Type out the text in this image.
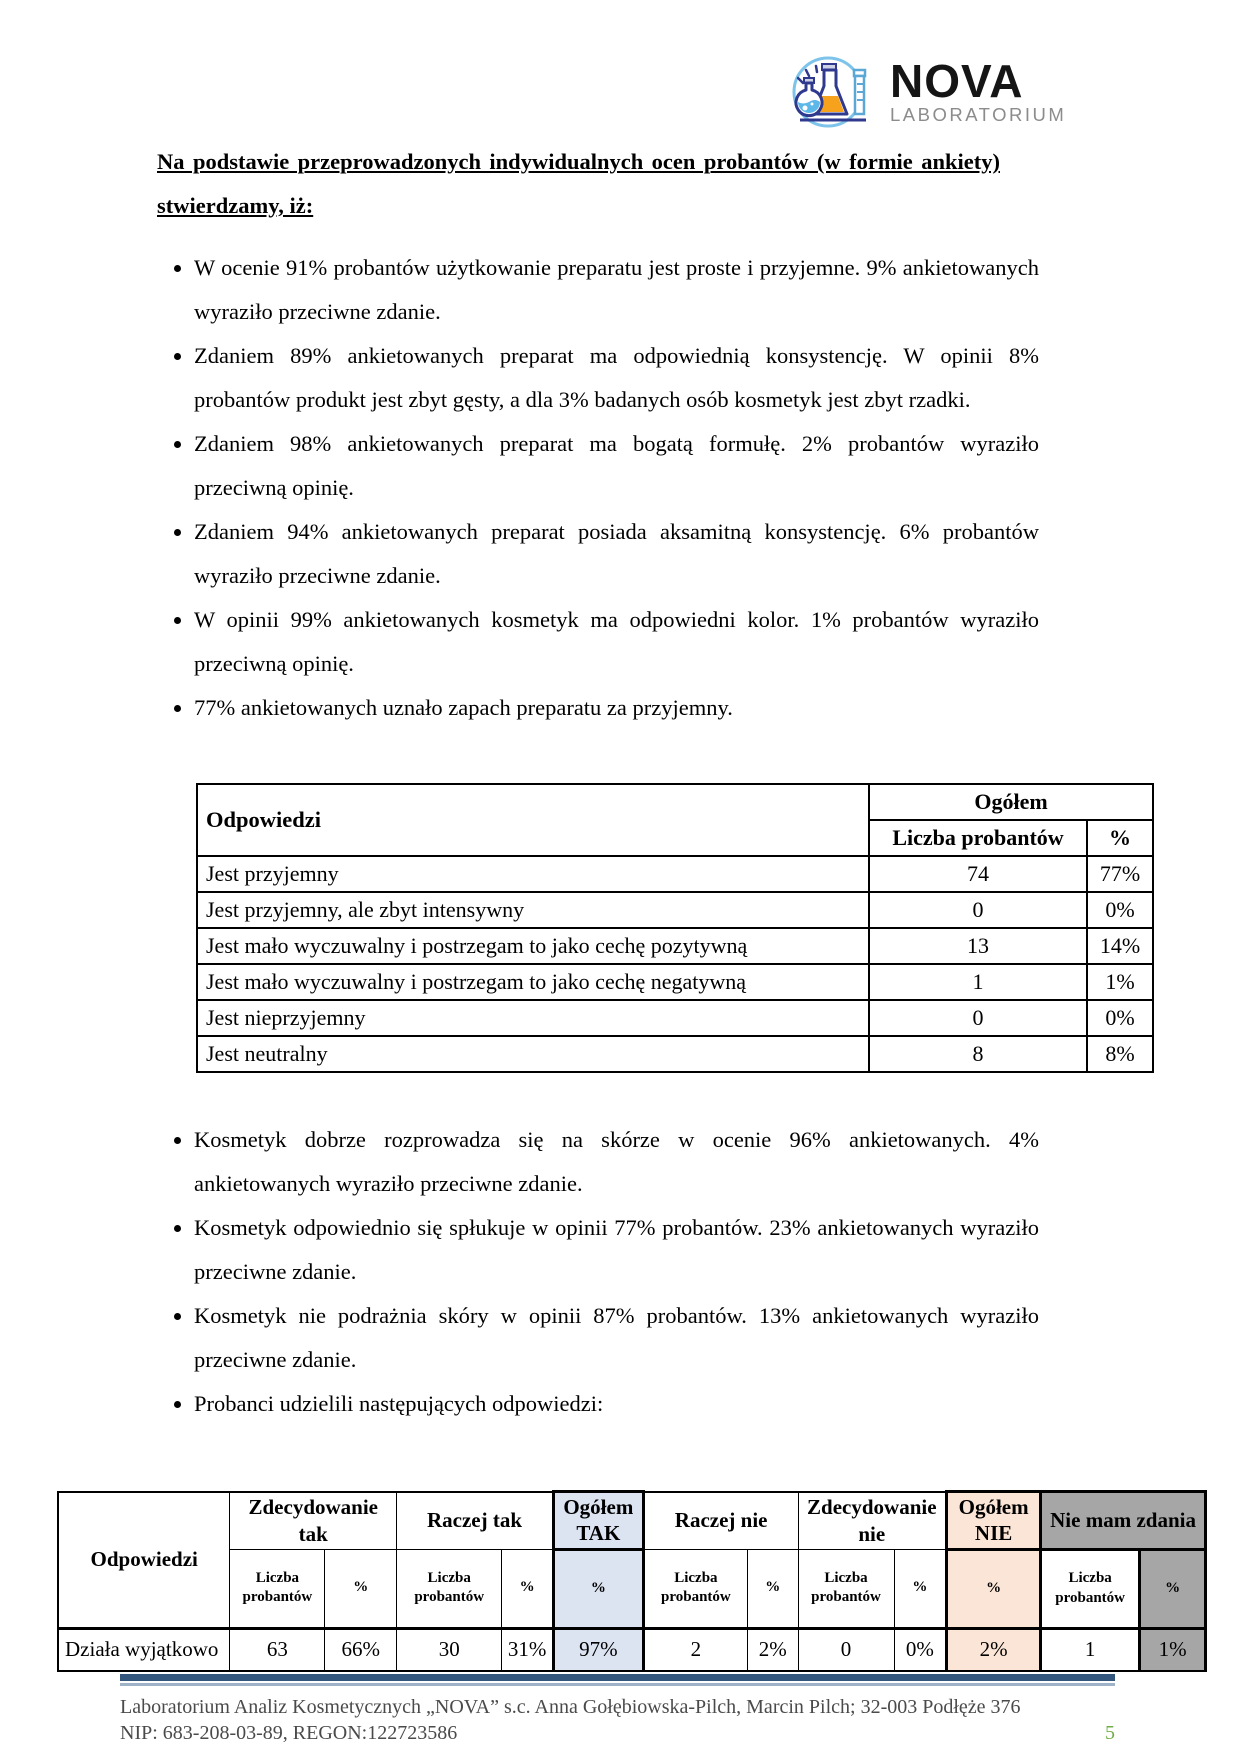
NOVA
LABORATORIUM
Na podstawie przeprowadzonych indywidualnych ocen probantów (w formie ankiety) stwierdzamy, iż:
• W ocenie 91% probantów użytkowanie preparatu jest proste i przyjemne. 9% ankietowanych wyraziło przeciwne zdanie.
• Zdaniem 89% ankietowanych preparat ma odpowiednią konsystencję. W opinii 8% probantów produkt jest zbyt gęsty, a dla 3% badanych osób kosmetyk jest zbyt rzadki.
• Zdaniem 98% ankietowanych preparat ma bogatą formułę. 2% probantów wyraziło przeciwną opinię.
• Zdaniem 94% ankietowanych preparat posiada aksamitną konsystencję. 6% probantów wyraziło przeciwne zdanie.
• W opinii 99% ankietowanych kosmetyk ma odpowiedni kolor. 1% probantów wyraziło przeciwną opinię.
• 77% ankietowanych uznało zapach preparatu za przyjemny.
Odpowiedzi	Ogółem	
	Liczba probantów	%
Jest przyjemny	74	77%
Jest przyjemny, ale zbyt intensywny	0	0%
Jest mało wyczuwalny i postrzegam to jako cechę pozytywną	13	14%
Jest mało wyczuwalny i postrzegam to jako cechę negatywną	1	1%
Jest nieprzyjemny	0	0%
Jest neutralny	8	8%
• Kosmetyk dobrze rozprowadza się na skórze w ocenie 96% ankietowanych. 4% ankietowanych wyraziło przeciwne zdanie.
• Kosmetyk odpowiednio się spłukuje w opinii 77% probantów. 23% ankietowanych wyraziło przeciwne zdanie.
• Kosmetyk nie podrażnia skóry w opinii 87% probantów. 13% ankietowanych wyraziło przeciwne zdanie.
• Probanci udzielili następujących odpowiedzi:
Odpowiedzi	Zdecydowanie tak		Raczej tak		Ogółem TAK	Raczej nie		Zdecydowanie nie		Ogółem NIE	Nie mam zdania	
	Liczba probantów	%	Liczba probantów	%	%	Liczba probantów	%	Liczba probantów	%	%	Liczba probantów	%
Działa wyjątkowo	63	66%	30	31%	97%	2	2%	0	0%	2%	1	1%
Laboratorium Analiz Kosmetycznych „NOVA” s.c. Anna Gołębiowska-Pilch, Marcin Pilch; 32-003 Podłęże 376
NIP: 683-208-03-89, REGON:122723586	5
